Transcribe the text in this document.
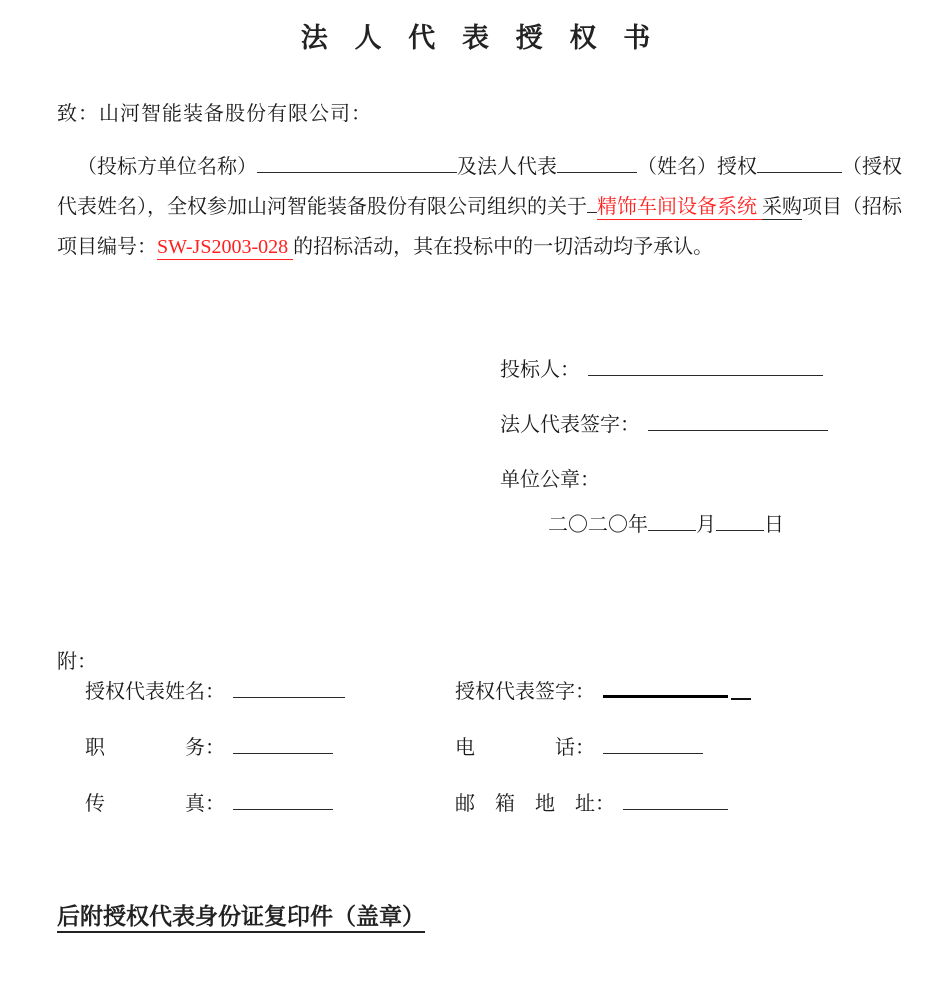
法 人 代 表 授 权 书
致：山河智能装备股份有限公司：
（投标方单位名称）	及法人代表	（姓名）授权	（授权
代表姓名），全权参加山河智能装备股份有限公司组织的关于 精饰车间设备系统 采购项目（招标
项目编号：SW-JS2003-028 的招标活动，其在投标中的一切活动均予承认。
投标人：
法人代表签字：
单位公章：
二〇二〇年 月 日
附：
授权代表姓名：	授权代表签字：
职　　　　务：	电　　　　话：
传　　　　真：	邮　箱　地　址：
后附授权代表身份证复印件（盖章）
